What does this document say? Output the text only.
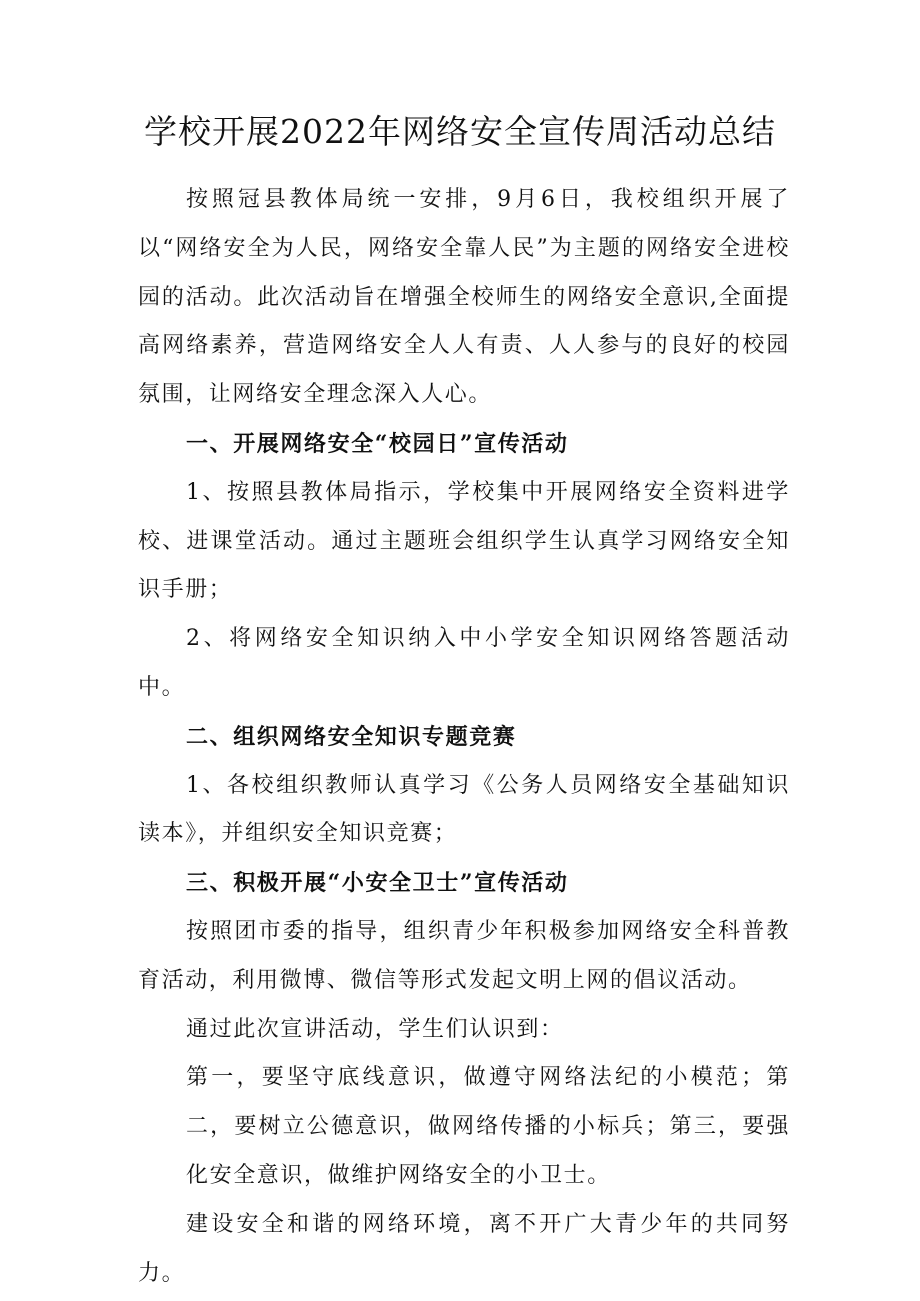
学校开展2022年网络安全宣传周活动总结

按照冠县教体局统一安排，9月6日，我校组织开展了以“网络安全为人民，网络安全靠人民”为主题的网络安全进校园的活动。此次活动旨在增强全校师生的网络安全意识,全面提高网络素养，营造网络安全人人有责、人人参与的良好的校园氛围，让网络安全理念深入人心。

一、开展网络安全“校园日”宣传活动

1、按照县教体局指示，学校集中开展网络安全资料进学校、进课堂活动。通过主题班会组织学生认真学习网络安全知识手册；

2、将网络安全知识纳入中小学安全知识网络答题活动中。

二、组织网络安全知识专题竞赛

1、各校组织教师认真学习《公务人员网络安全基础知识读本》，并组织安全知识竞赛；

三、积极开展“小安全卫士”宣传活动

按照团市委的指导，组织青少年积极参加网络安全科普教育活动，利用微博、微信等形式发起文明上网的倡议活动。

通过此次宣讲活动，学生们认识到：

第一，要坚守底线意识，做遵守网络法纪的小模范；第二，要树立公德意识，做网络传播的小标兵；第三，要强化安全意识，做维护网络安全的小卫士。

建设安全和谐的网络环境，离不开广大青少年的共同努力。
